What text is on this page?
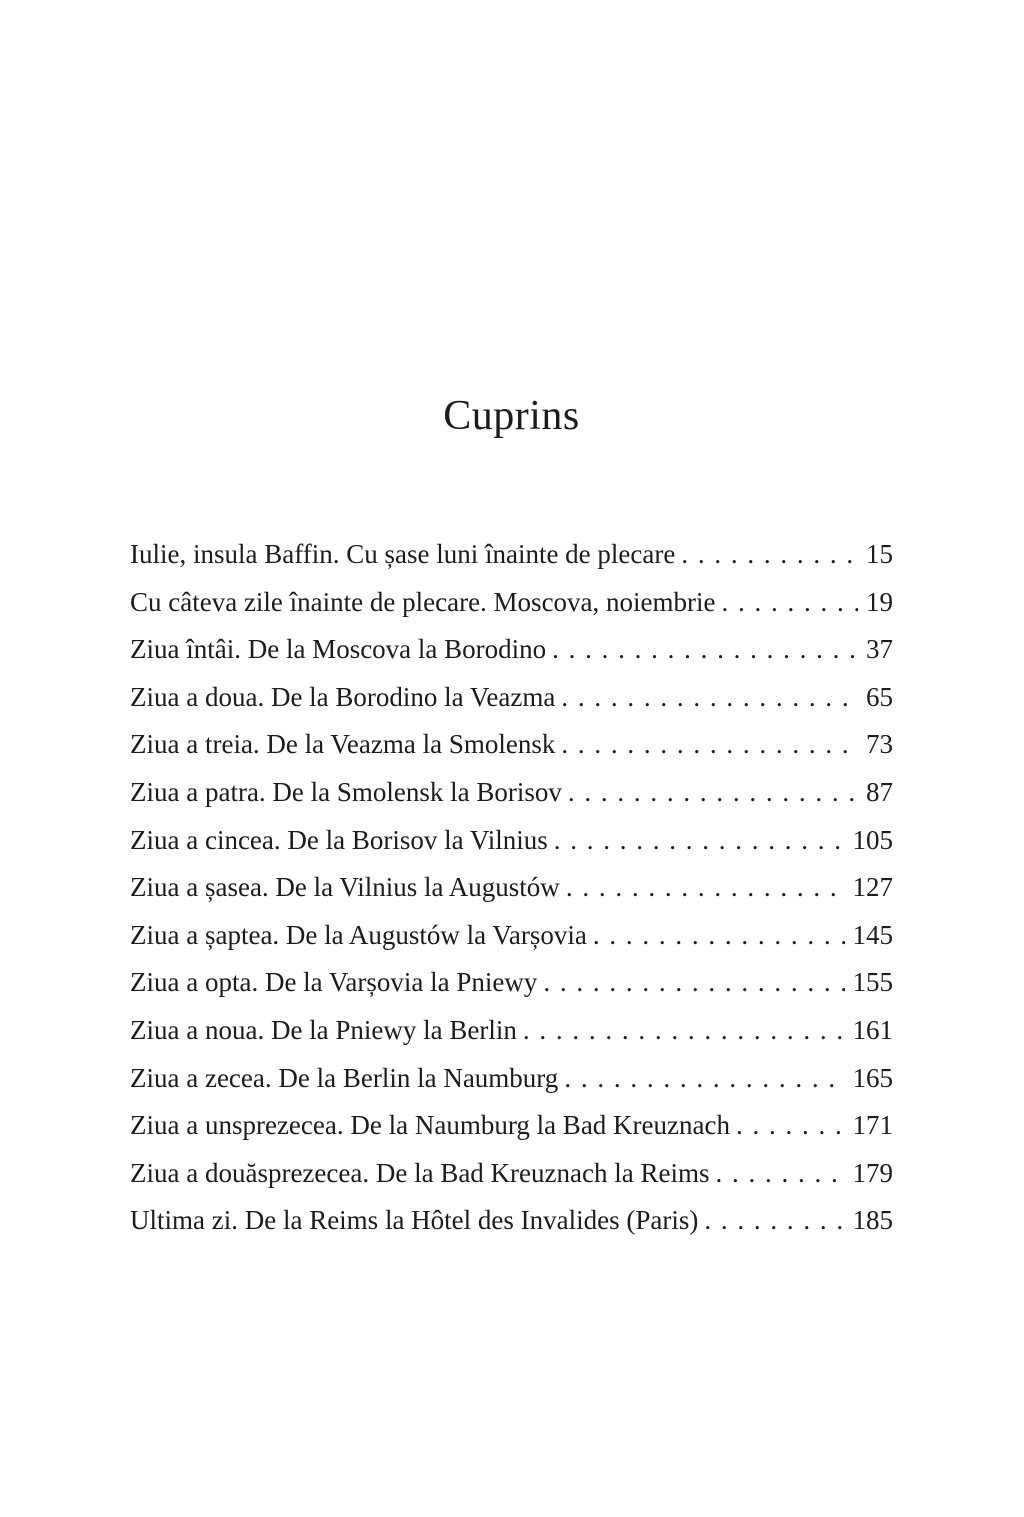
Cuprins
Iulie, insula Baffin. Cu șase luni înainte de plecare . . .	15
Cu câteva zile înainte de plecare. Moscova, noiembrie . . .	19
Ziua întâi. De la Moscova la Borodino . . .	37
Ziua a doua. De la Borodino la Veazma . . .	65
Ziua a treia. De la Veazma la Smolensk . . .	73
Ziua a patra. De la Smolensk la Borisov . . .	87
Ziua a cincea. De la Borisov la Vilnius . . .	105
Ziua a șasea. De la Vilnius la Augustów . . .	127
Ziua a șaptea. De la Augustów la Varșovia . . .	145
Ziua a opta. De la Varșovia la Pniewy . . .	155
Ziua a noua. De la Pniewy la Berlin . . .	161
Ziua a zecea. De la Berlin la Naumburg . . .	165
Ziua a unsprezecea. De la Naumburg la Bad Kreuznach . . .	171
Ziua a douăsprezecea. De la Bad Kreuznach la Reims . . .	179
Ultima zi. De la Reims la Hôtel des Invalides (Paris) . . .	185
